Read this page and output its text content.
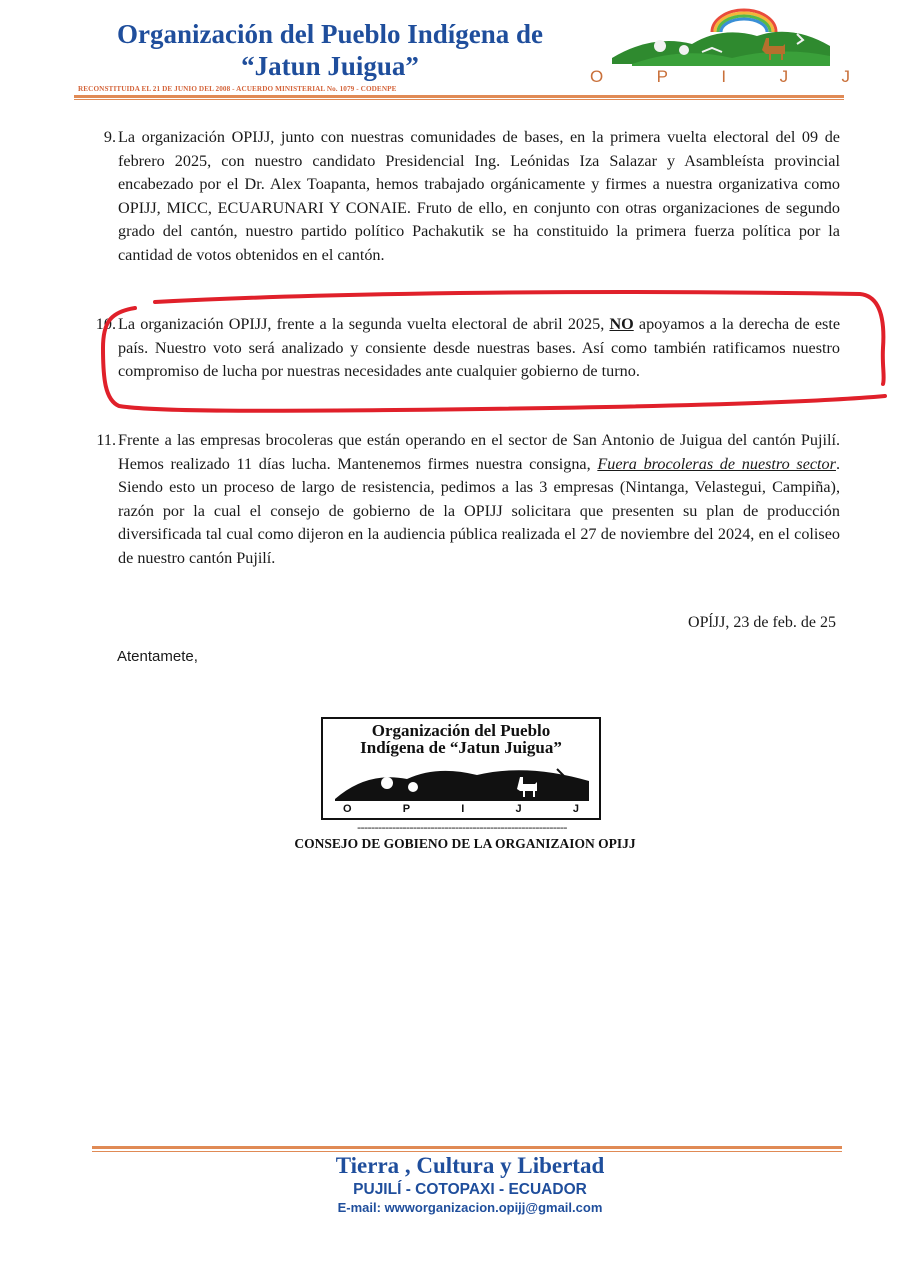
Organización del Pueblo Indígena de
“Jatun Juigua”
RECONSTITUIDA EL 21 DE JUNIO DEL 2008 - ACUERDO MINISTERIAL No. 1079 - CODENPE
O	P	I	J	J
9. La organización OPIJJ, junto con nuestras comunidades de bases, en la primera vuelta electoral del 09 de febrero 2025, con nuestro candidato Presidencial Ing. Leónidas Iza Salazar y Asambleísta provincial encabezado por el Dr. Alex Toapanta, hemos trabajado orgánicamente y firmes a nuestra organizativa como OPIJJ, MICC, ECUARUNARI Y CONAIE. Fruto de ello, en conjunto con otras organizaciones de segundo grado del cantón, nuestro partido político Pachakutik se ha constituido la primera fuerza política por la cantidad de votos obtenidos en el cantón.
10. La organización OPIJJ, frente a la segunda vuelta electoral de abril 2025, NO apoyamos a la derecha de este país. Nuestro voto será analizado y consiente desde nuestras bases. Así como también ratificamos nuestro compromiso de lucha por nuestras necesidades ante cualquier gobierno de turno.
11. Frente a las empresas brocoleras que están operando en el sector de San Antonio de Juigua del cantón Pujilí. Hemos realizado 11 días lucha. Mantenemos firmes nuestra consigna, Fuera brocoleras de nuestro sector. Siendo esto un proceso de largo de resistencia, pedimos a las 3 empresas (Nintanga, Velastegui, Campiña), razón por la cual el consejo de gobierno de la OPIJJ solicitara que presenten su plan de producción diversificada tal cual como dijeron en la audiencia pública realizada el 27 de noviembre del 2024, en el coliseo de nuestro cantón Pujilí.
OPĺJJ, 23 de feb. de 25
Atentamete,
Organización del Pueblo
Indígena de “Jatun Juigua”
O	P	I	J	J
------------------------------------------------------------
CONSEJO DE GOBIENO DE LA ORGANIZAION OPIJJ
Tierra , Cultura y Libertad
PUJILÍ - COTOPAXI - ECUADOR
E-mail: wwworganizacion.opijj@gmail.com
